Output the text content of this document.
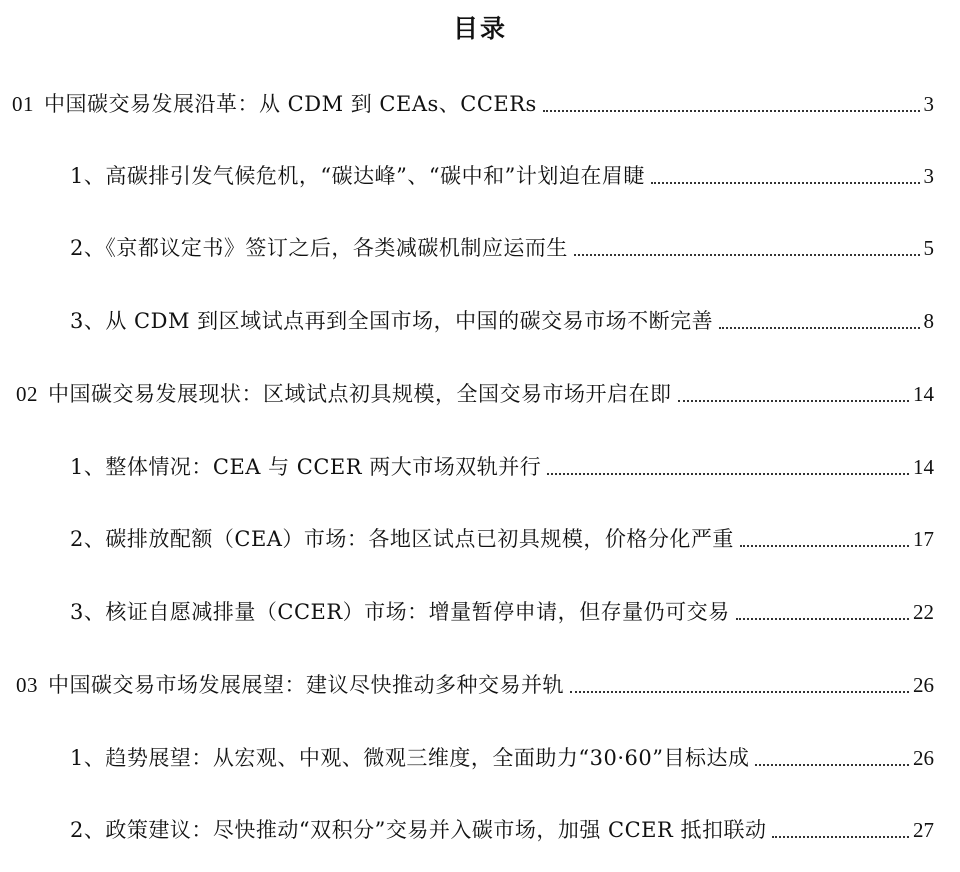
目录
01 中国碳交易发展沿革：从 CDM 到 CEAs、CCERs	3
1、高碳排引发气候危机，“碳达峰”、“碳中和”计划迫在眉睫	3
2、《京都议定书》签订之后，各类减碳机制应运而生	5
3、从 CDM 到区域试点再到全国市场，中国的碳交易市场不断完善	8
02 中国碳交易发展现状：区域试点初具规模，全国交易市场开启在即	14
1、整体情况：CEA 与 CCER 两大市场双轨并行	14
2、碳排放配额（CEA）市场：各地区试点已初具规模，价格分化严重	17
3、核证自愿减排量（CCER）市场：增量暂停申请，但存量仍可交易	22
03 中国碳交易市场发展展望：建议尽快推动多种交易并轨	26
1、趋势展望：从宏观、中观、微观三维度，全面助力“30·60”目标达成	26
2、政策建议：尽快推动“双积分”交易并入碳市场，加强 CCER 抵扣联动	27
